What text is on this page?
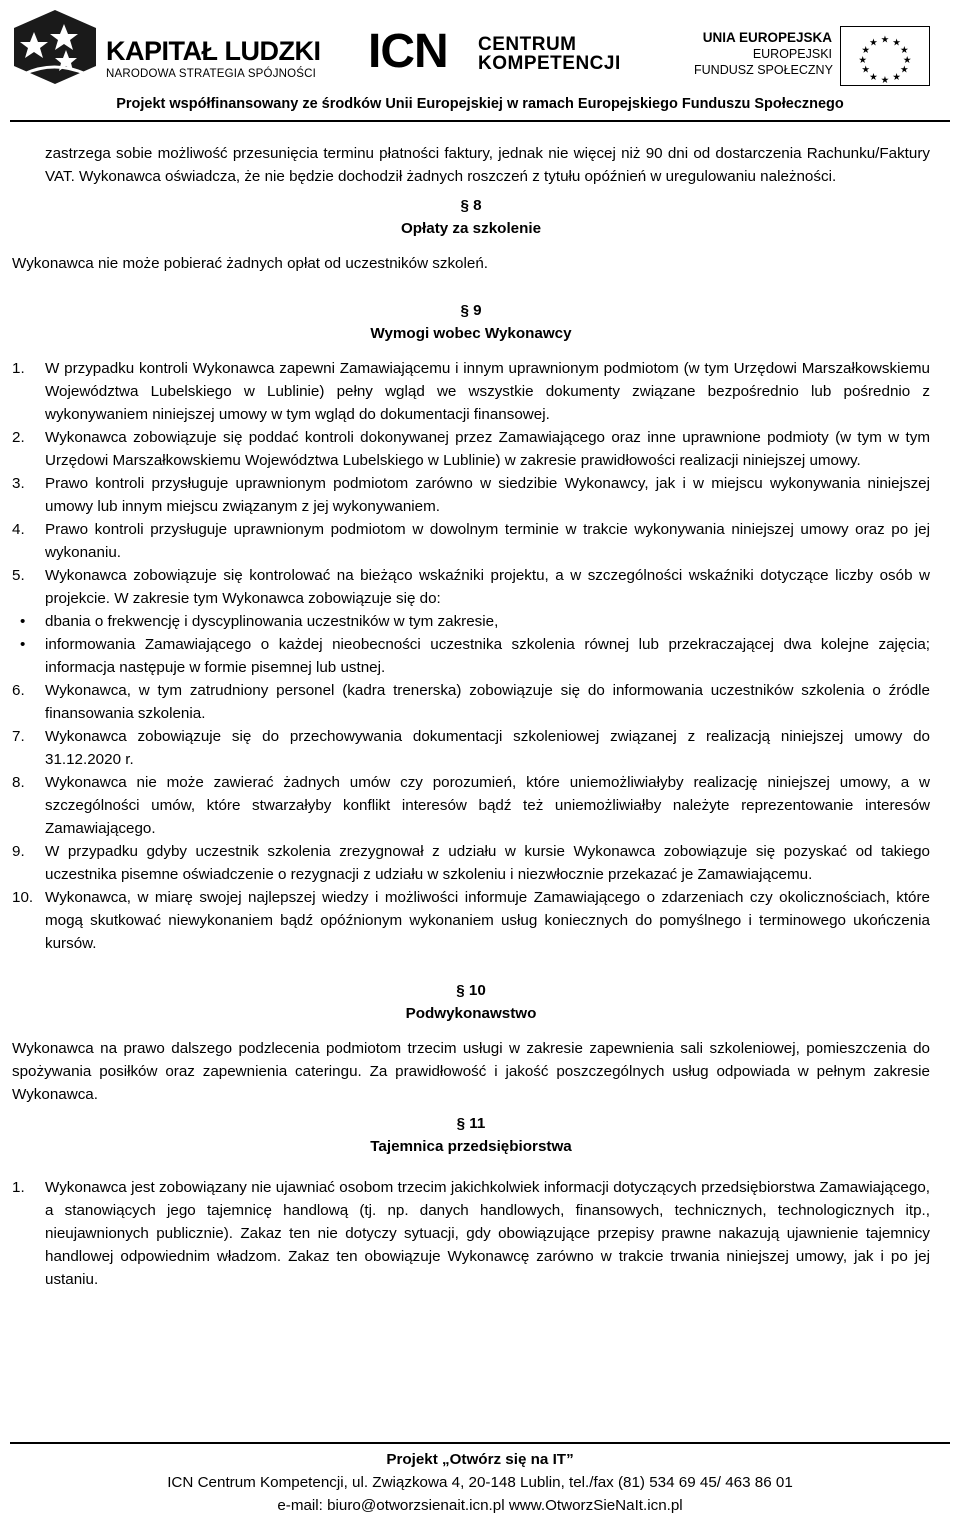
KAPITAŁ LUDZKI
NARODOWA STRATEGIA SPÓJNOŚCI ICN CENTRUM
KOMPETENCJI
UNIA EUROPEJSKA
EUROPEJSKI
FUNDUSZ SPOŁECZNY
★ ★
★
★
★
★
★
★
★
★
★
★
Projekt współfinansowany ze środków Unii Europejskiej w ramach Europejskiego Funduszu Społecznego

zastrzega sobie możliwość przesunięcia terminu płatności faktury, jednak nie więcej niż 90 dni od dostarczenia Rachunku/Faktury VAT. Wykonawca oświadcza, że nie będzie dochodził żadnych roszczeń z tytułu opóźnień w uregulowaniu należności.

§ 8

Opłaty za szkolenie

Wykonawca nie może pobierać żadnych opłat od uczestników szkoleń.

§ 9

Wymogi wobec Wykonawcy

1. W przypadku kontroli Wykonawca zapewni Zamawiającemu i innym uprawnionym podmiotom (w tym Urzędowi Marszałkowskiemu Województwa Lubelskiego w Lublinie) pełny wgląd we wszystkie dokumenty związane bezpośrednio lub pośrednio z wykonywaniem niniejszej umowy w tym wgląd do dokumentacji finansowej.
2. Wykonawca zobowiązuje się poddać kontroli dokonywanej przez Zamawiającego oraz inne uprawnione podmioty (w tym w tym Urzędowi Marszałkowskiemu Województwa Lubelskiego w Lublinie) w zakresie prawidłowości realizacji niniejszej umowy.
3. Prawo kontroli przysługuje uprawnionym podmiotom zarówno w siedzibie Wykonawcy, jak i w miejscu wykonywania niniejszej umowy lub innym miejscu związanym z jej wykonywaniem.
4. Prawo kontroli przysługuje uprawnionym podmiotom w dowolnym terminie w trakcie wykonywania niniejszej umowy oraz po jej wykonaniu.
5. Wykonawca zobowiązuje się kontrolować na bieżąco wskaźniki projektu, a w szczególności wskaźniki dotyczące liczby osób w projekcie. W zakresie tym Wykonawca zobowiązuje się do:
• dbania o frekwencję i dyscyplinowania uczestników w tym zakresie,
• informowania Zamawiającego o każdej nieobecności uczestnika szkolenia równej lub przekraczającej dwa kolejne zajęcia; informacja następuje w formie pisemnej lub ustnej.
6. Wykonawca, w tym zatrudniony personel (kadra trenerska) zobowiązuje się do informowania uczestników szkolenia o źródle finansowania szkolenia.
7. Wykonawca zobowiązuje się do przechowywania dokumentacji szkoleniowej związanej z realizacją niniejszej umowy do 31.12.2020 r.
8. Wykonawca nie może zawierać żadnych umów czy porozumień, które uniemożliwiałyby realizację niniejszej umowy, a w szczególności umów, które stwarzałyby konflikt interesów bądź też uniemożliwiałby należyte reprezentowanie interesów Zamawiającego.
9. W przypadku gdyby uczestnik szkolenia zrezygnował z udziału w kursie Wykonawca zobowiązuje się pozyskać od takiego uczestnika pisemne oświadczenie o rezygnacji z udziału w szkoleniu i niezwłocznie przekazać je Zamawiającemu.
10. Wykonawca, w miarę swojej najlepszej wiedzy i możliwości informuje Zamawiającego o zdarzeniach czy okolicznościach, które mogą skutkować niewykonaniem bądź opóźnionym wykonaniem usług koniecznych do pomyślnego i terminowego ukończenia kursów.

§ 10

Podwykonawstwo

Wykonawca na prawo dalszego podzlecenia podmiotom trzecim usługi w zakresie zapewnienia sali szkoleniowej, pomieszczenia do spożywania posiłków oraz zapewnienia cateringu. Za prawidłowość i jakość poszczególnych usług odpowiada w pełnym zakresie Wykonawca.

§ 11

Tajemnica przedsiębiorstwa

1. Wykonawca jest zobowiązany nie ujawniać osobom trzecim jakichkolwiek informacji dotyczących przedsiębiorstwa Zamawiającego, a stanowiących jego tajemnicę handlową (tj. np. danych handlowych, finansowych, technicznych, technologicznych itp., nieujawnionych publicznie). Zakaz ten nie dotyczy sytuacji, gdy obowiązujące przepisy prawne nakazują ujawnienie tajemnicy handlowej odpowiednim władzom. Zakaz ten obowiązuje Wykonawcę zarówno w trakcie trwania niniejszej umowy, jak i po jej ustaniu.
Projekt „Otwórz się na IT”
ICN Centrum Kompetencji, ul. Związkowa 4, 20-148 Lublin, tel./fax (81) 534 69 45/ 463 86 01
e-mail: biuro@otworzsienait.icn.pl www.OtworzSieNaIt.icn.pl
